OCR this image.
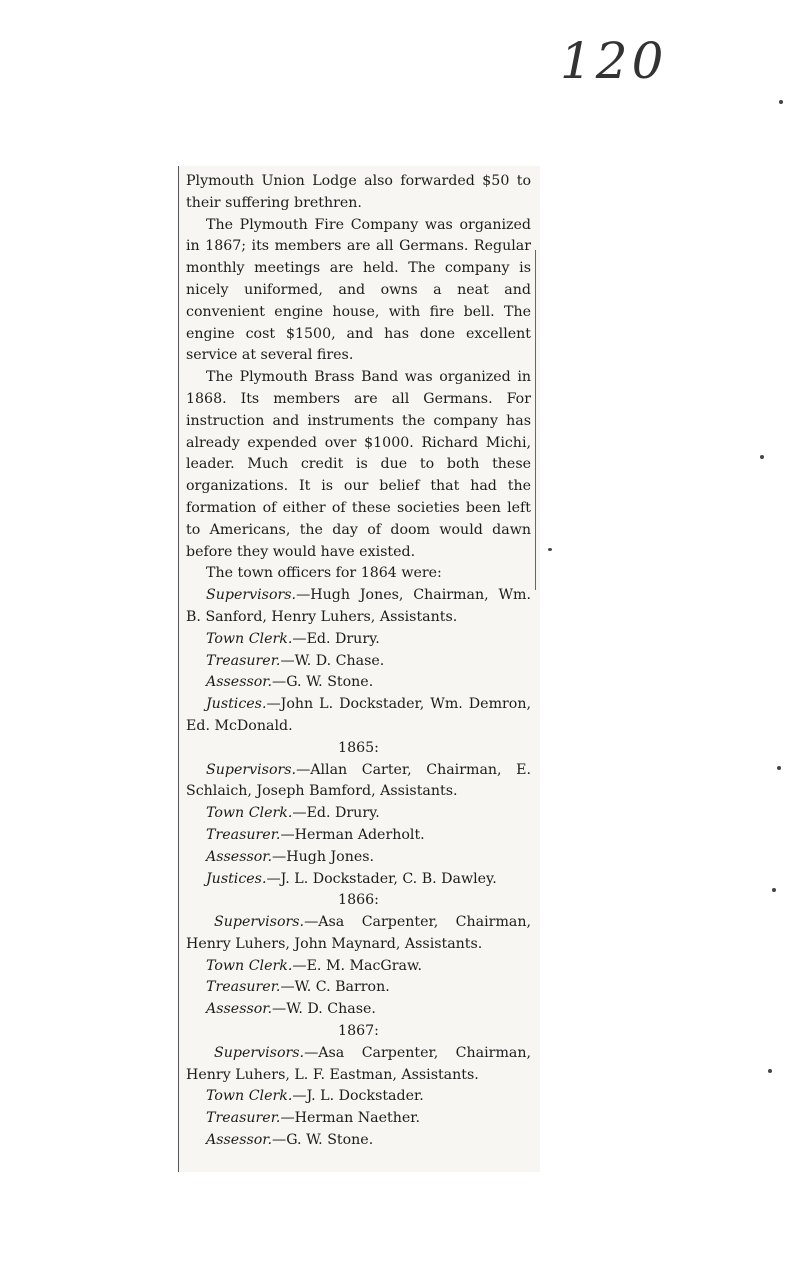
120

Plymouth Union Lodge also forwarded $50 to their suffering brethren.

The Plymouth Fire Company was organized in 1867; its members are all Germans. Regular monthly meetings are held. The company is nicely uniformed, and owns a neat and convenient engine house, with fire bell. The engine cost $1500, and has done excellent service at several fires.

The Plymouth Brass Band was organized in 1868. Its members are all Germans. For instruction and instruments the company has already expended over $1000. Richard Michi, leader. Much credit is due to both these organizations. It is our belief that had the formation of either of these societies been left to Americans, the day of doom would dawn before they would have existed.

The town officers for 1864 were:

Supervisors.—Hugh Jones, Chairman, Wm. B. Sanford, Henry Luhers, Assistants.

Town Clerk.—Ed. Drury.

Treasurer.—W. D. Chase.

Assessor.—G. W. Stone.

Justices.—John L. Dockstader, Wm. Demron, Ed. McDonald.

1865:

Supervisors.—Allan Carter, Chairman, E. Schlaich, Joseph Bamford, Assistants.

Town Clerk.—Ed. Drury.

Treasurer.—Herman Aderholt.

Assessor.—Hugh Jones.

Justices.—J. L. Dockstader, C. B. Dawley.

1866:

Supervisors.—Asa Carpenter, Chairman, Henry Luhers, John Maynard, Assistants.

Town Clerk.—E. M. MacGraw.

Treasurer.—W. C. Barron.

Assessor.—W. D. Chase.

1867:

Supervisors.—Asa Carpenter, Chairman, Henry Luhers, L. F. Eastman, Assistants.

Town Clerk.—J. L. Dockstader.

Treasurer.—Herman Naether.

Assessor.—G. W. Stone.
